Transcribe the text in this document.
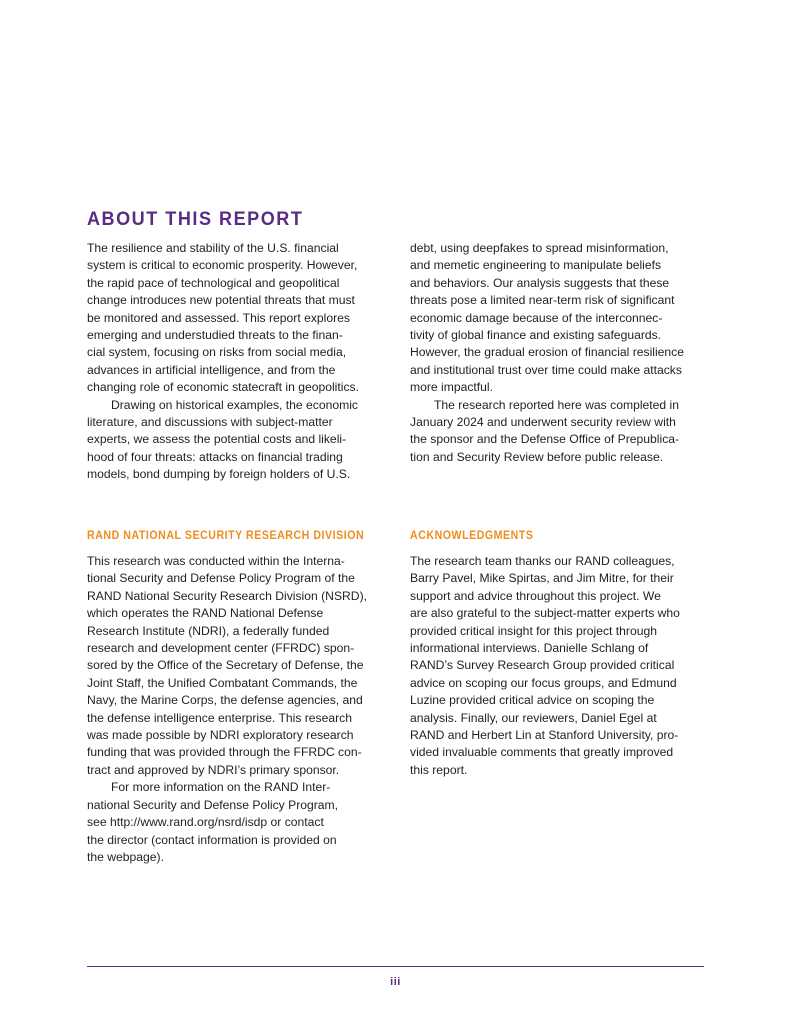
ABOUT THIS REPORT

The resilience and stability of the U.S. financial
system is critical to economic prosperity. However,
the rapid pace of technological and geopolitical
change introduces new potential threats that must
be monitored and assessed. This report explores
emerging and understudied threats to the finan-
cial system, focusing on risks from social media,
advances in artificial intelligence, and from the
changing role of economic statecraft in geopolitics.

Drawing on historical examples, the economic
literature, and discussions with subject-matter
experts, we assess the potential costs and likeli-
hood of four threats: attacks on financial trading
models, bond dumping by foreign holders of U.S.

debt, using deepfakes to spread misinformation,
and memetic engineering to manipulate beliefs
and behaviors. Our analysis suggests that these
threats pose a limited near-term risk of significant
economic damage because of the interconnec-
tivity of global finance and existing safeguards.
However, the gradual erosion of financial resilience
and institutional trust over time could make attacks
more impactful.

The research reported here was completed in
January 2024 and underwent security review with
the sponsor and the Defense Office of Prepublica-
tion and Security Review before public release.

RAND NATIONAL SECURITY RESEARCH DIVISION

This research was conducted within the Interna-
tional Security and Defense Policy Program of the
RAND National Security Research Division (NSRD),
which operates the RAND National Defense
Research Institute (NDRI), a federally funded
research and development center (FFRDC) spon-
sored by the Office of the Secretary of Defense, the
Joint Staff, the Unified Combatant Commands, the
Navy, the Marine Corps, the defense agencies, and
the defense intelligence enterprise. This research
was made possible by NDRI exploratory research
funding that was provided through the FFRDC con-
tract and approved by NDRI’s primary sponsor.

For more information on the RAND Inter-
national Security and Defense Policy Program,
see http://www.rand.org/nsrd/isdp or contact
the director (contact information is provided on
the webpage).

ACKNOWLEDGMENTS

The research team thanks our RAND colleagues,
Barry Pavel, Mike Spirtas, and Jim Mitre, for their
support and advice throughout this project. We
are also grateful to the subject-matter experts who
provided critical insight for this project through
informational interviews. Danielle Schlang of
RAND’s Survey Research Group provided critical
advice on scoping our focus groups, and Edmund
Luzine provided critical advice on scoping the
analysis. Finally, our reviewers, Daniel Egel at
RAND and Herbert Lin at Stanford University, pro-
vided invaluable comments that greatly improved
this report.

iii
